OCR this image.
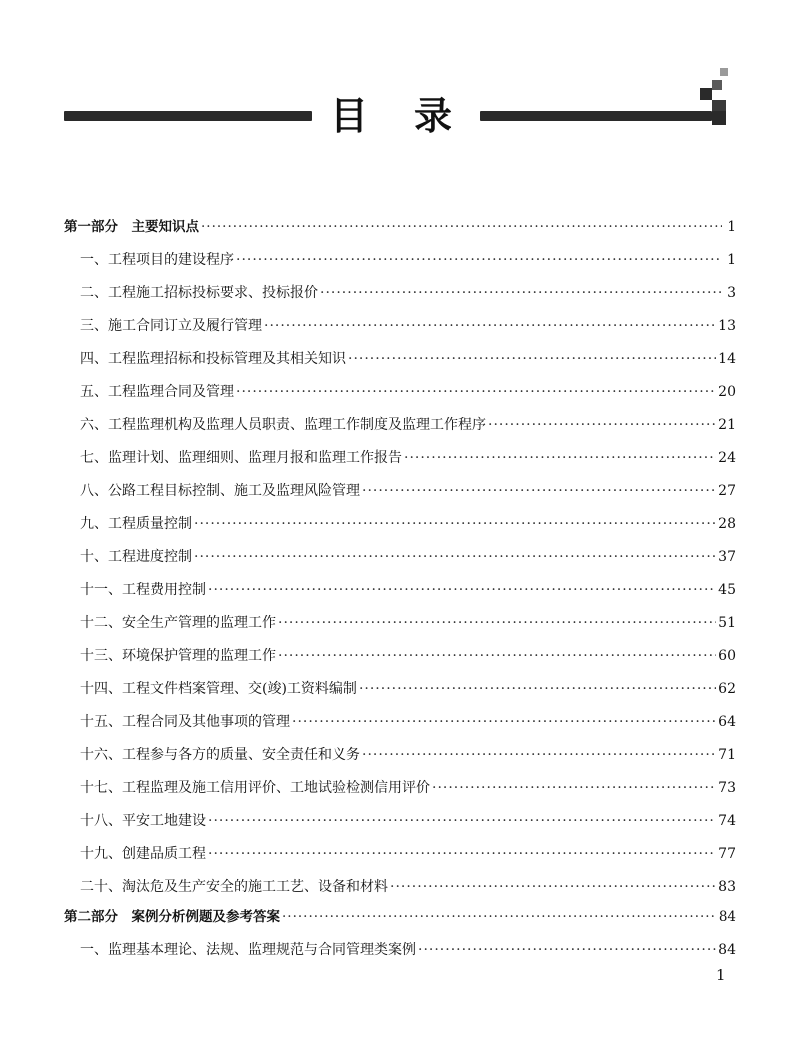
目 录
第一部分　主要知识点 ·····	1
一、工程项目的建设程序 ·····	1
二、工程施工招标投标要求、投标报价 ·····	3
三、施工合同订立及履行管理 ·····	13
四、工程监理招标和投标管理及其相关知识 ·····	14
五、工程监理合同及管理 ·····	20
六、工程监理机构及监理人员职责、监理工作制度及监理工作程序 ·····	21
七、监理计划、监理细则、监理月报和监理工作报告 ·····	24
八、公路工程目标控制、施工及监理风险管理 ·····	27
九、工程质量控制 ·····	28
十、工程进度控制 ·····	37
十一、工程费用控制 ·····	45
十二、安全生产管理的监理工作 ·····	51
十三、环境保护管理的监理工作 ·····	60
十四、工程文件档案管理、交(竣)工资料编制 ·····	62
十五、工程合同及其他事项的管理 ·····	64
十六、工程参与各方的质量、安全责任和义务 ·····	71
十七、工程监理及施工信用评价、工地试验检测信用评价 ·····	73
十八、平安工地建设 ·····	74
十九、创建品质工程 ·····	77
二十、淘汰危及生产安全的施工工艺、设备和材料 ·····	83
第二部分　案例分析例题及参考答案 ·····	84
一、监理基本理论、法规、监理规范与合同管理类案例 ·····	84
1
